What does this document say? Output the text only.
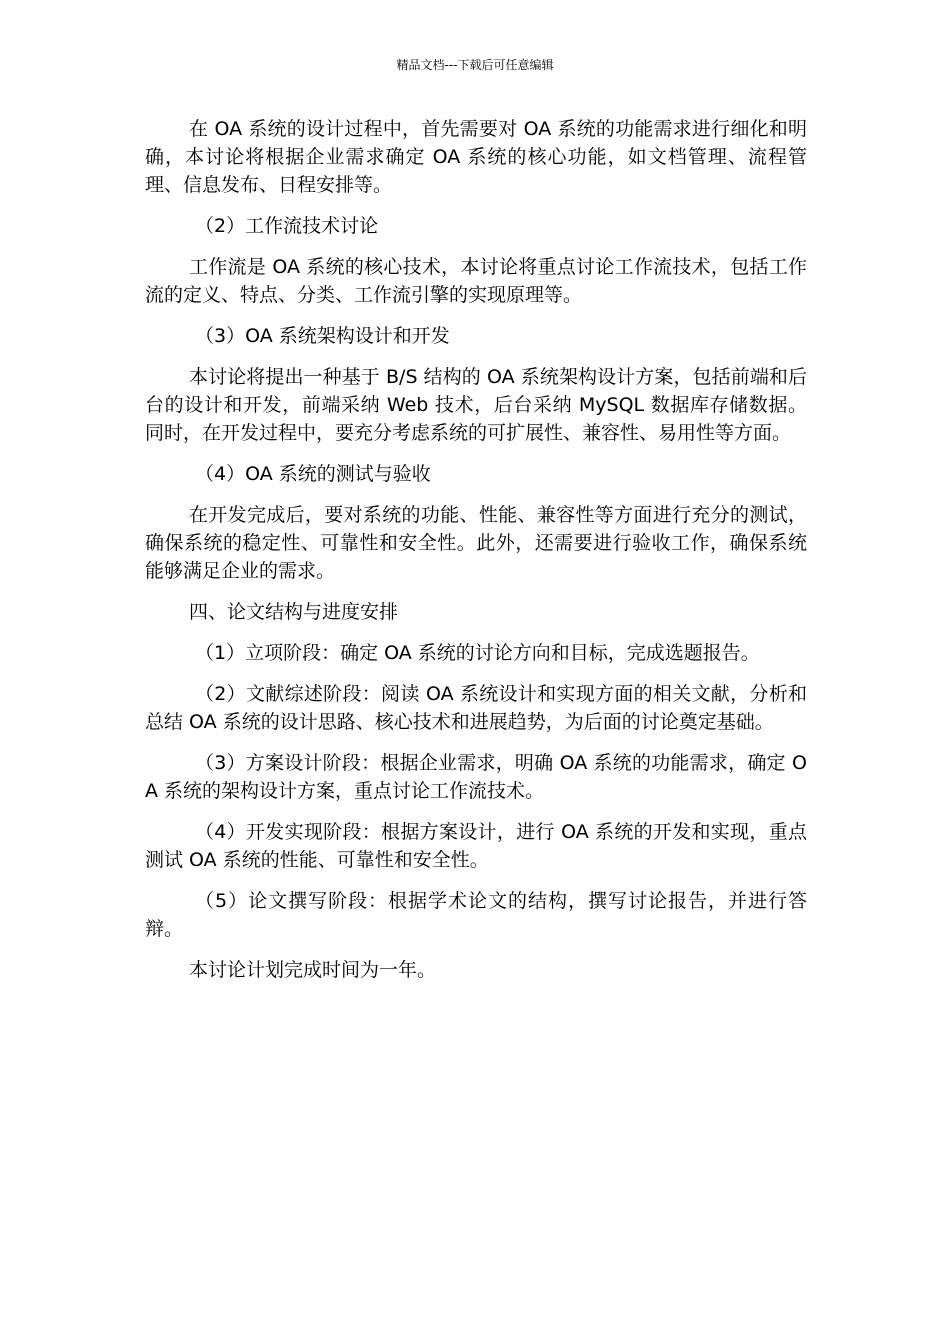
精品文档---下载后可任意编辑

在 OA 系统的设计过程中，首先需要对 OA 系统的功能需求进行细化和明确，本讨论将根据企业需求确定 OA 系统的核心功能，如文档管理、流程管理、信息发布、日程安排等。

（2）工作流技术讨论

工作流是 OA 系统的核心技术，本讨论将重点讨论工作流技术，包括工作流的定义、特点、分类、工作流引擎的实现原理等。

（3）OA 系统架构设计和开发

本讨论将提出一种基于 B/S 结构的 OA 系统架构设计方案，包括前端和后台的设计和开发，前端采纳 Web 技术，后台采纳 MySQL 数据库存储数据。同时，在开发过程中，要充分考虑系统的可扩展性、兼容性、易用性等方面。

（4）OA 系统的测试与验收

在开发完成后，要对系统的功能、性能、兼容性等方面进行充分的测试，确保系统的稳定性、可靠性和安全性。此外，还需要进行验收工作，确保系统能够满足企业的需求。

四、论文结构与进度安排

（1）立项阶段：确定 OA 系统的讨论方向和目标，完成选题报告。

（2）文献综述阶段：阅读 OA 系统设计和实现方面的相关文献，分析和总结 OA 系统的设计思路、核心技术和进展趋势，为后面的讨论奠定基础。

（3）方案设计阶段：根据企业需求，明确 OA 系统的功能需求，确定 OA 系统的架构设计方案，重点讨论工作流技术。

（4）开发实现阶段：根据方案设计，进行 OA 系统的开发和实现，重点测试 OA 系统的性能、可靠性和安全性。

（5）论文撰写阶段：根据学术论文的结构，撰写讨论报告，并进行答辩。

本讨论计划完成时间为一年。
